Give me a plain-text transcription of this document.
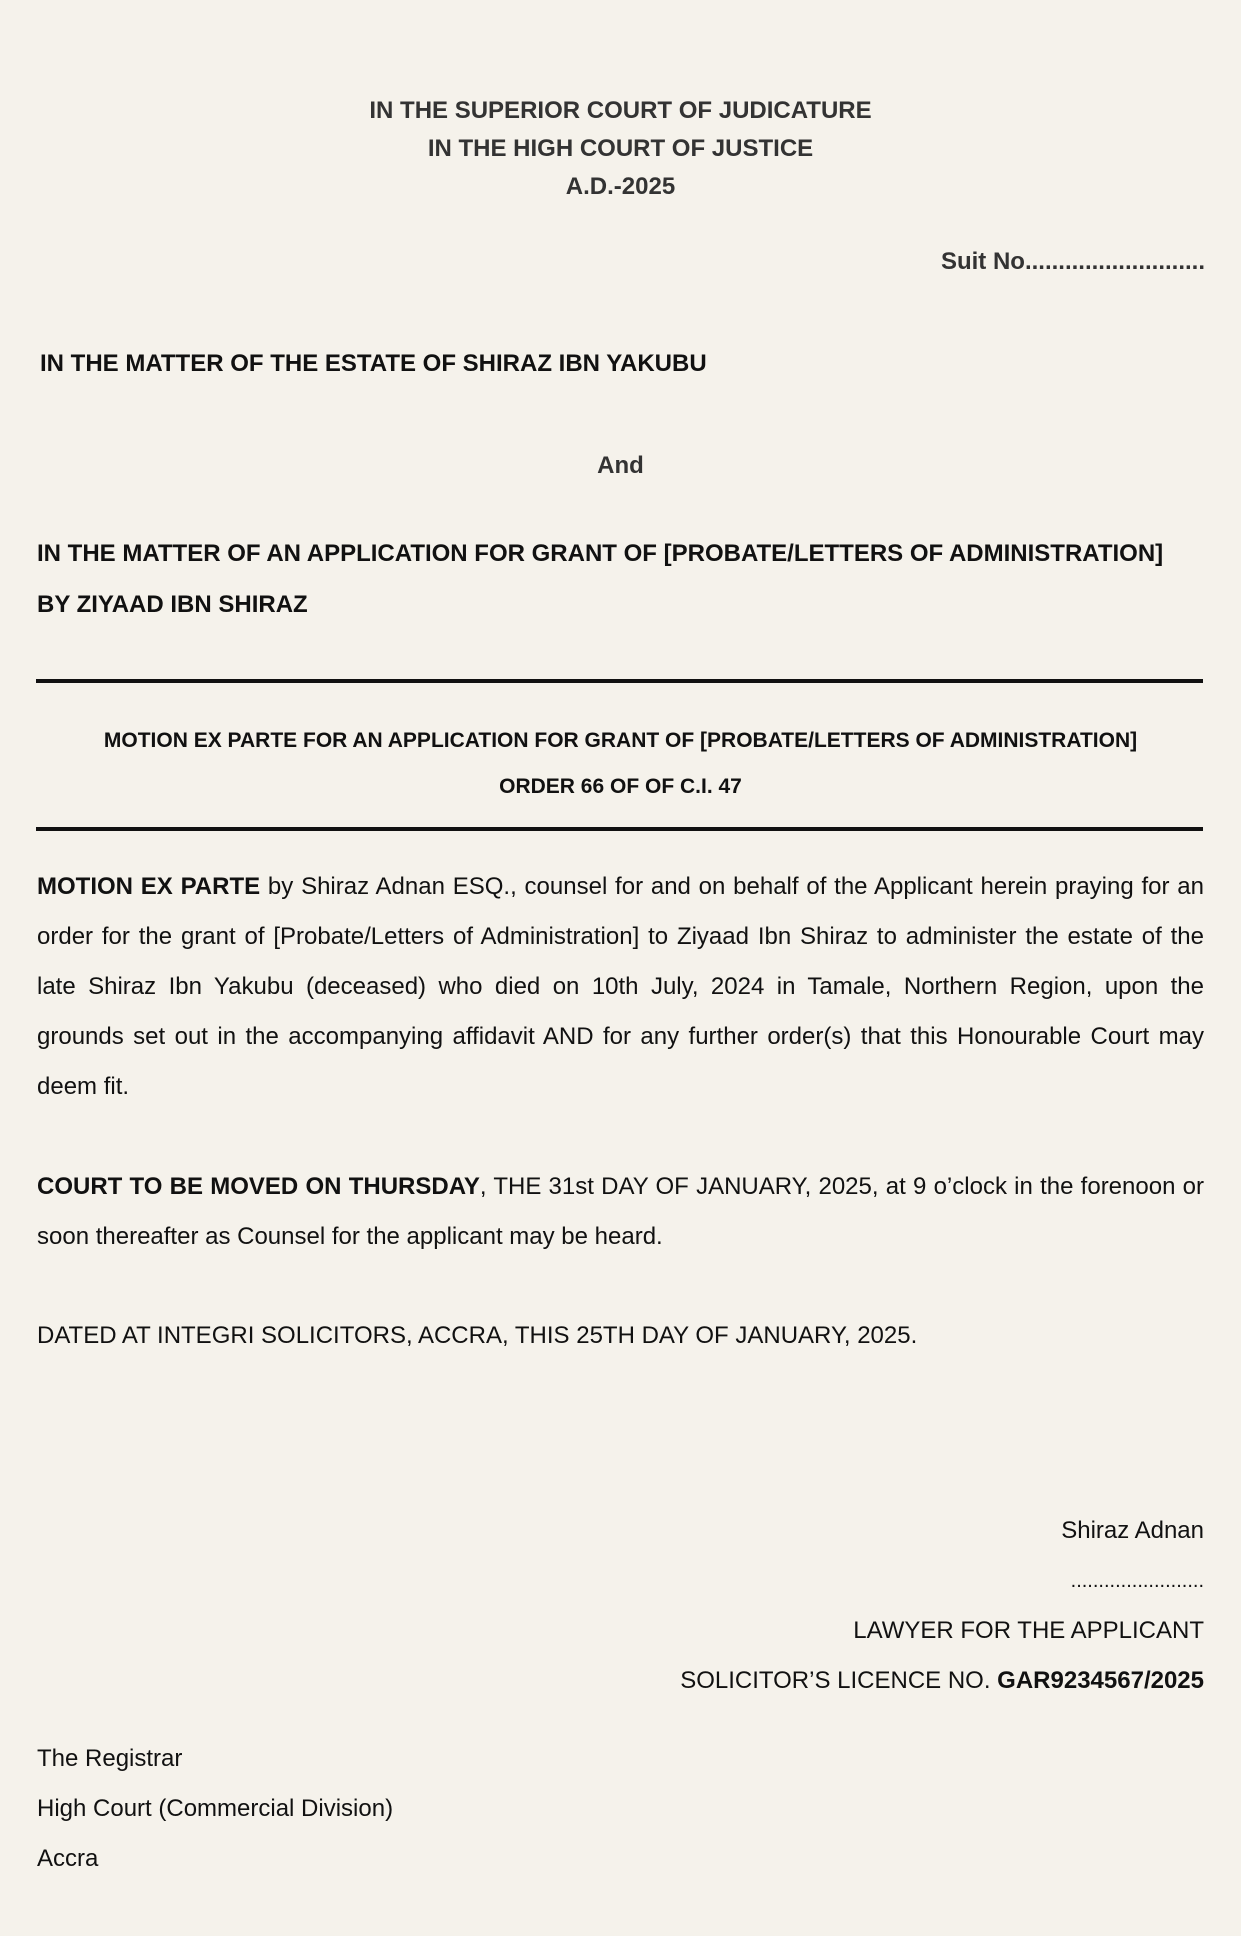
IN THE SUPERIOR COURT OF JUDICATURE
IN THE HIGH COURT OF JUSTICE
A.D.-2025
Suit No...........................
IN THE MATTER OF THE ESTATE OF SHIRAZ IBN YAKUBU
And
IN THE MATTER OF AN APPLICATION FOR GRANT OF [PROBATE/LETTERS OF ADMINISTRATION]
BY ZIYAAD IBN SHIRAZ
MOTION EX PARTE FOR AN APPLICATION FOR GRANT OF [PROBATE/LETTERS OF ADMINISTRATION]
ORDER 66 OF OF C.I. 47
MOTION EX PARTE by Shiraz Adnan ESQ., counsel for and on behalf of the Applicant herein praying for an order for the grant of [Probate/Letters of Administration] to Ziyaad Ibn Shiraz to administer the estate of the late Shiraz Ibn Yakubu (deceased) who died on 10th July, 2024 in Tamale, Northern Region, upon the grounds set out in the accompanying affidavit AND for any further order(s) that this Honourable Court may deem fit.
COURT TO BE MOVED ON THURSDAY, THE 31st DAY OF JANUARY, 2025, at 9 o’clock in the forenoon or soon thereafter as Counsel for the applicant may be heard.
DATED AT INTEGRI SOLICITORS, ACCRA, THIS 25TH DAY OF JANUARY, 2025.
Shiraz Adnan
........................
LAWYER FOR THE APPLICANT
SOLICITOR’S LICENCE NO. GAR9234567/2025
The Registrar
High Court (Commercial Division)
Accra
